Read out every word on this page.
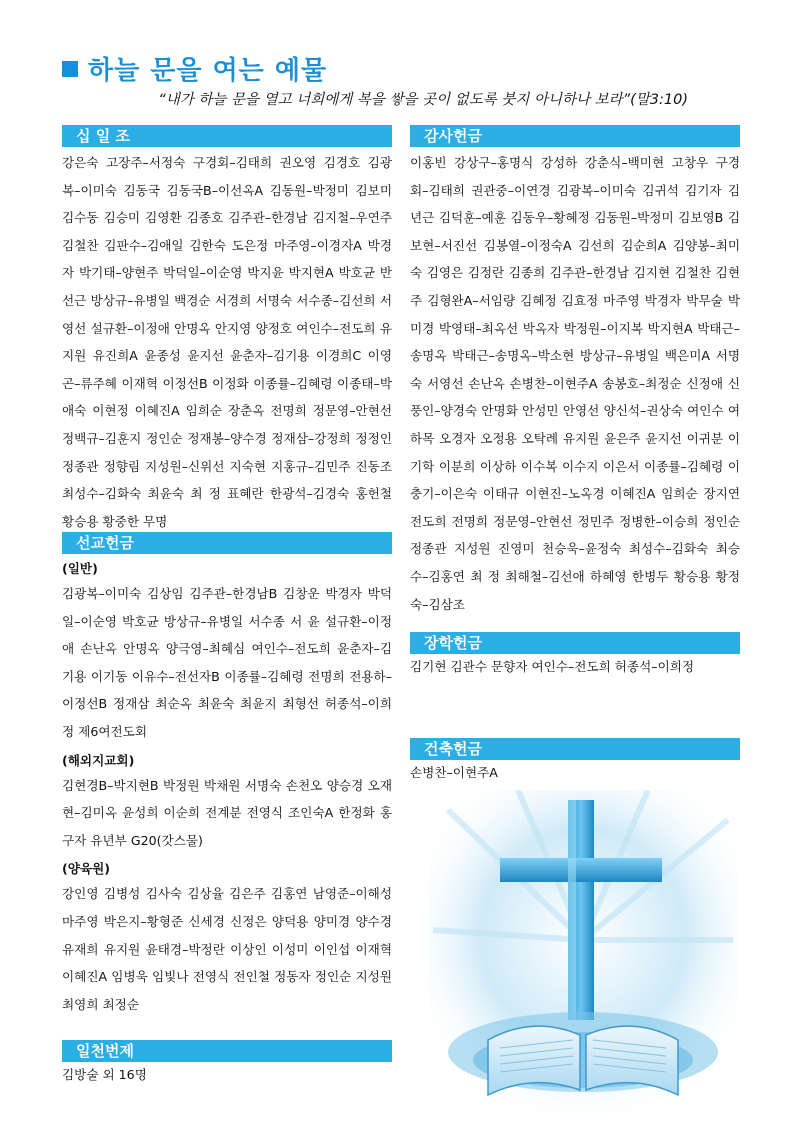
하늘 문을 여는 예물
“내가 하늘 문을 열고 너희에게 복을 쌓을 곳이 없도록 붓지 아니하나 보라”(말3:10)
십 일 조
강은숙 고장주–서정숙 구경회–김태희 권오영 김경호 김광복–이미숙 김동국 김동국B–이선옥A 김동원–박정미 김보미 김수동 김승미 김영환 김종호 김주관–한경남 김지철–우연주 김철찬 김판수–김애일 김한숙 도은정 마주영–이경자A 박경자 박기태–양현주 박덕일–이순영 박지윤 박지현A 박호균 반선근 방상규–유병일 백경순 서경희 서명숙 서수종–김선희 서영선 설규환–이정애 안명옥 안지영 양정호 여인수–전도희 유지원 유진희A 윤종성 윤지선 윤춘자–김기용 이경희C 이영곤–류주혜 이재혁 이정선B 이정화 이종률–김혜령 이종태–박애숙 이현정 이혜진A 임희순 장춘옥 전명희 정문영–안현선 정백규–김훈지 정인순 정재봉–양수경 정재삼–강정희 정정인 정종관 정향림 지성원–신위선 지숙현 지홍규–김민주 진동조 최성수–김화숙 최윤숙 최 정 표혜란 한광석–김경숙 홍헌철 황승용 황중한 무명
선교헌금
(일반)
김광복–이미숙 김상임 김주관–한경남B 김창운 박경자 박덕일–이순영 박호균 방상규–유병일 서수종 서 윤 설규환–이정애 손난옥 안명옥 양극영–최혜심 여인수–전도희 윤춘자–김기용 이기동 이유수–전선자B 이종률–김혜령 전명희 전용하–이정선B 정재삼 최순옥 최윤숙 최윤지 최형선 허종석–이희정 제6여전도회
(해외지교회)
김현경B–박지현B 박정원 박채원 서명숙 손천오 양승경 오재현–김미옥 윤성희 이순희 전계분 전영식 조인숙A 한정화 홍구자 유년부 G20(갓스물)
(양육원)
강인영 김병성 김사숙 김상율 김은주 김홍연 남영준–이해성 마주영 박은지–황형준 신세경 신정은 양덕용 양미경 양수경 유재희 유지원 윤태경–박정란 이상인 이성미 이인섭 이재혁 이혜진A 임병욱 임빛나 전영식 전인철 정동자 정인순 지성원 최영희 최정순
일천번제
김방술 외 16명
감사헌금
이홍빈 강상구–홍명식 강성하 강춘식–백미현 고창우 구경회–김태희 권관중–이연경 김광복–이미숙 김귀석 김기자 김년근 김덕훈–예훈 김동우–황혜정 김동원–박정미 김보영B 김보현–서진선 김봉열–이정숙A 김선희 김순희A 김양봉–최미숙 김영은 김정란 김종희 김주관–한경남 김지현 김철찬 김현주 김형완A–서임량 김혜정 김효정 마주영 박경자 박무술 박미경 박영태–최옥선 박옥자 박정원–이지복 박지현A 박태근–송명옥 박태근–송명옥–박소현 방상규–유병일 백은미A 서명숙 서영선 손난옥 손병찬–이현주A 송봉호–최정순 신정애 신풍인–양경숙 안명화 안성민 안영선 양신석–권상숙 여인수 여하목 오경자 오정용 오탁례 유지원 윤은주 윤지선 이귀분 이기학 이분희 이상하 이수복 이수지 이은서 이종률–김혜령 이충기–이은숙 이태규 이현진–노옥경 이혜진A 임희순 장지연 전도희 전명희 정문영–안현선 정민주 정병한–이승희 정인순 정종관 지성원 진영미 천승욱–윤정숙 최성수–김화숙 최승수–김홍연 최 정 최해철–김선애 하혜영 한병두 황승용 황정숙–김삼조
장학헌금
김기현 김관수 문향자 여인수–전도희 허종석–이희정
건축헌금
손병찬–이현주A
